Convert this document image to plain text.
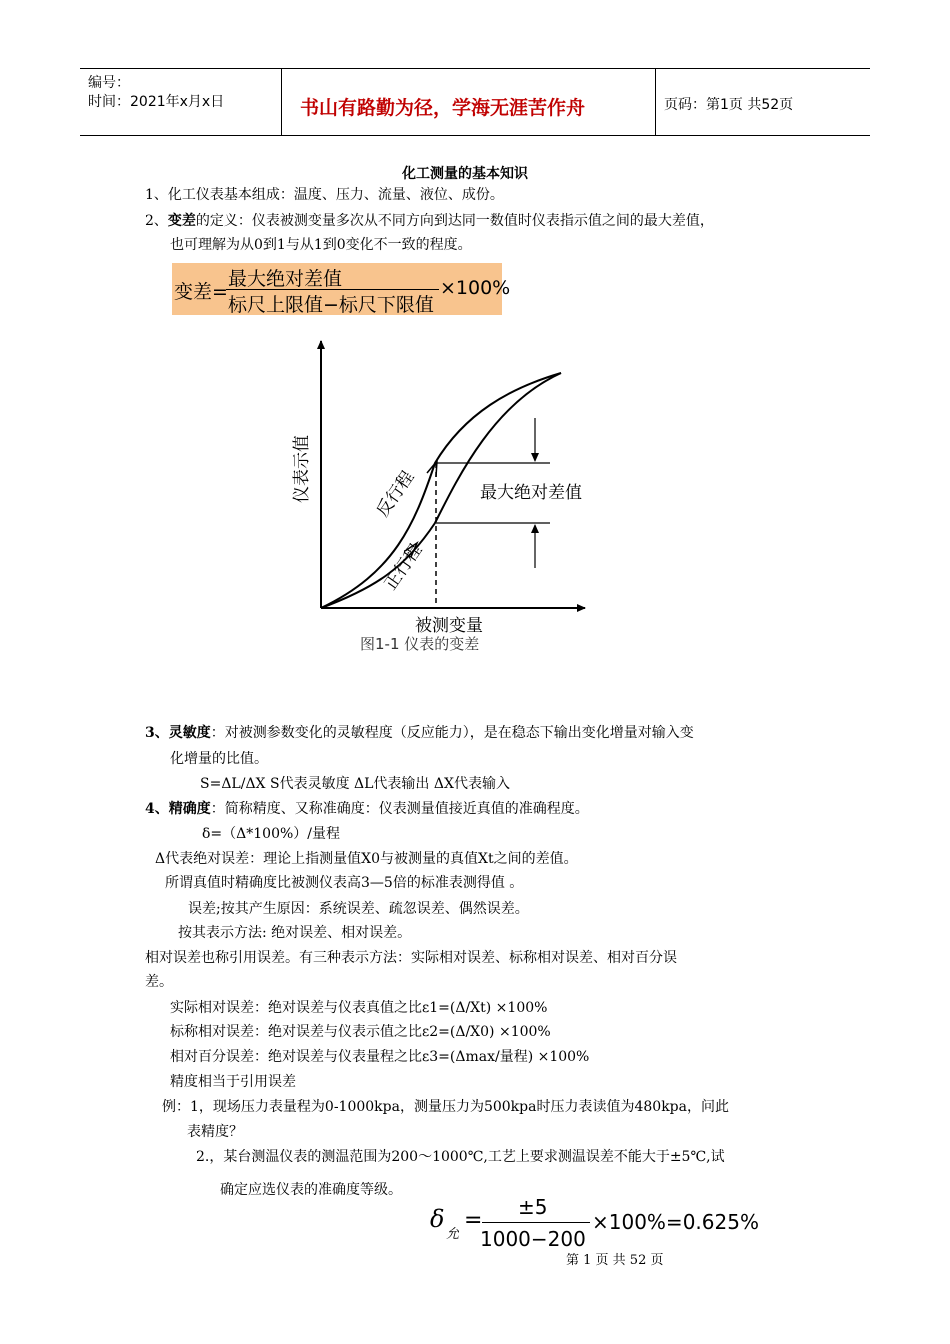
编号：
时间：2021年x月x日	书山有路勤为径，学海无涯苦作舟	页码：第1页 共52页
化工测量的基本知识
1、化工仪表基本组成：温度、压力、流量、液位、成份。
2、变差的定义：仪表被测变量多次从不同方向到达同一数值时仪表指示值之间的最大差值，
也可理解为从0到1与从1到0变化不一致的程度。
变差=
最大绝对差值
标尺上限值−标尺下限值
×100%
仪表示值
被测变量
反行程
正行程
最大绝对差值
图1-1 仪表的变差
3、灵敏度：对被测参数变化的灵敏程度（反应能力），是在稳态下输出变化增量对输入变
化增量的比值。
S=ΔL/ΔX S代表灵敏度 ΔL代表输出 ΔX代表输入
4、精确度：简称精度、又称准确度：仪表测量值接近真值的准确程度。
δ=（Δ*100%）/量程
Δ代表绝对误差：理论上指测量值X0与被测量的真值Xt之间的差值。
所谓真值时精确度比被测仪表高3—5倍的标准表测得值 。
误差;按其产生原因：系统误差、疏忽误差、偶然误差。
按其表示方法: 绝对误差、相对误差。
相对误差也称引用误差。有三种表示方法：实际相对误差、标称相对误差、相对百分误
差。
实际相对误差：绝对误差与仪表真值之比ε1=(Δ/Xt) ×100%
标称相对误差：绝对误差与仪表示值之比ε2=(Δ/X0) ×100%
相对百分误差：绝对误差与仪表量程之比ε3=(Δmax/量程) ×100%
精度相当于引用误差
例：1，现场压力表量程为0-1000kpa，测量压力为500kpa时压力表读值为480kpa，问此
表精度？
2.，某台测温仪表的测温范围为200～1000℃,工艺上要求测温误差不能大于±5℃,试
确定应选仪表的准确度等级。
δ
允
=
±5
1000−200
×100%=0.625%
第 1 页 共 52 页
